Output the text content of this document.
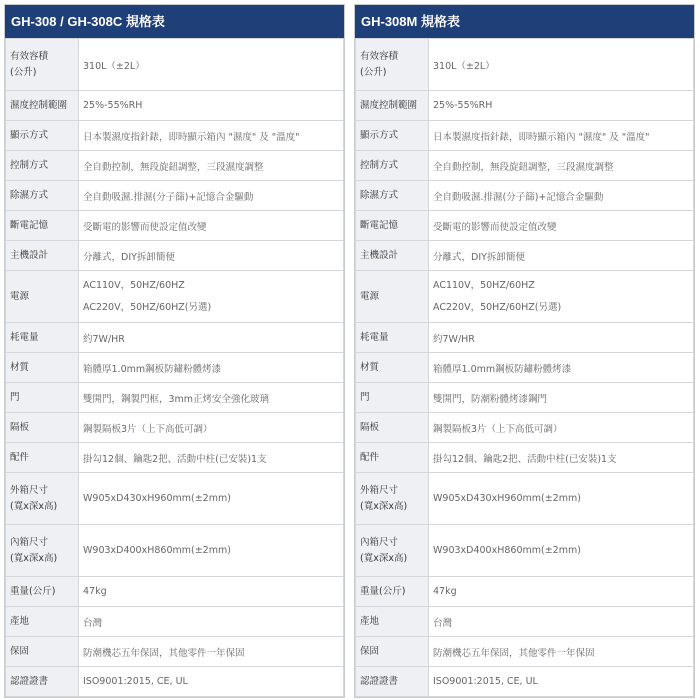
GH-308 / GH-308C 規格表
有效容積
(公升)	310L（±2L）

濕度控制範圍	25%-55%RH

顯示方式	日本製濕度指針錶，即時顯示箱內 "濕度" 及 "溫度"

控制方式	全自動控制，無段旋鈕調整，三段濕度調整

除濕方式	全自動吸濕.排濕(分子篩)+記憶合金驅動

斷電記憶	受斷電的影響而使設定值改變

主機設計	分離式，DIY拆卸簡便

電源	AC110V，50HZ/60HZ
AC220V，50HZ/60HZ(另選)

耗電量	約7W/HR

材質	箱體厚1.0mm鋼板防鏽粉體烤漆

門	雙開門，鋼製門框，3mm正烤安全強化玻璃

隔板	鋼製隔板3片（上下高低可調）

配件	掛勾12個、鑰匙2把、活動中柱(已安裝)1支

外箱尺寸
(寬x深x高)	W905xD430xH960mm(±2mm)

內箱尺寸
(寬x深x高)	W903xD400xH860mm(±2mm)

重量(公斤)	47kg

產地	台灣

保固	防潮機芯五年保固，其他零件一年保固

認證證書	ISO9001:2015, CE, UL
GH-308M 規格表
有效容積
(公升)	310L（±2L）

濕度控制範圍	25%-55%RH

顯示方式	日本製濕度指針錶，即時顯示箱內 "濕度" 及 "溫度"

控制方式	全自動控制，無段旋鈕調整，三段濕度調整

除濕方式	全自動吸濕.排濕(分子篩)+記憶合金驅動

斷電記憶	受斷電的影響而使設定值改變

主機設計	分離式，DIY拆卸簡便

電源	AC110V，50HZ/60HZ
AC220V，50HZ/60HZ(另選)

耗電量	約7W/HR

材質	箱體厚1.0mm鋼板防鏽粉體烤漆

門	雙開門，防潮粉體烤漆鋼門

隔板	鋼製隔板3片（上下高低可調）

配件	掛勾12個、鑰匙2把、活動中柱(已安裝)1支

外箱尺寸
(寬x深x高)	W905xD430xH960mm(±2mm)

內箱尺寸
(寬x深x高)	W903xD400xH860mm(±2mm)

重量(公斤)	47kg

產地	台灣

保固	防潮機芯五年保固，其他零件一年保固

認證證書	ISO9001:2015, CE, UL
